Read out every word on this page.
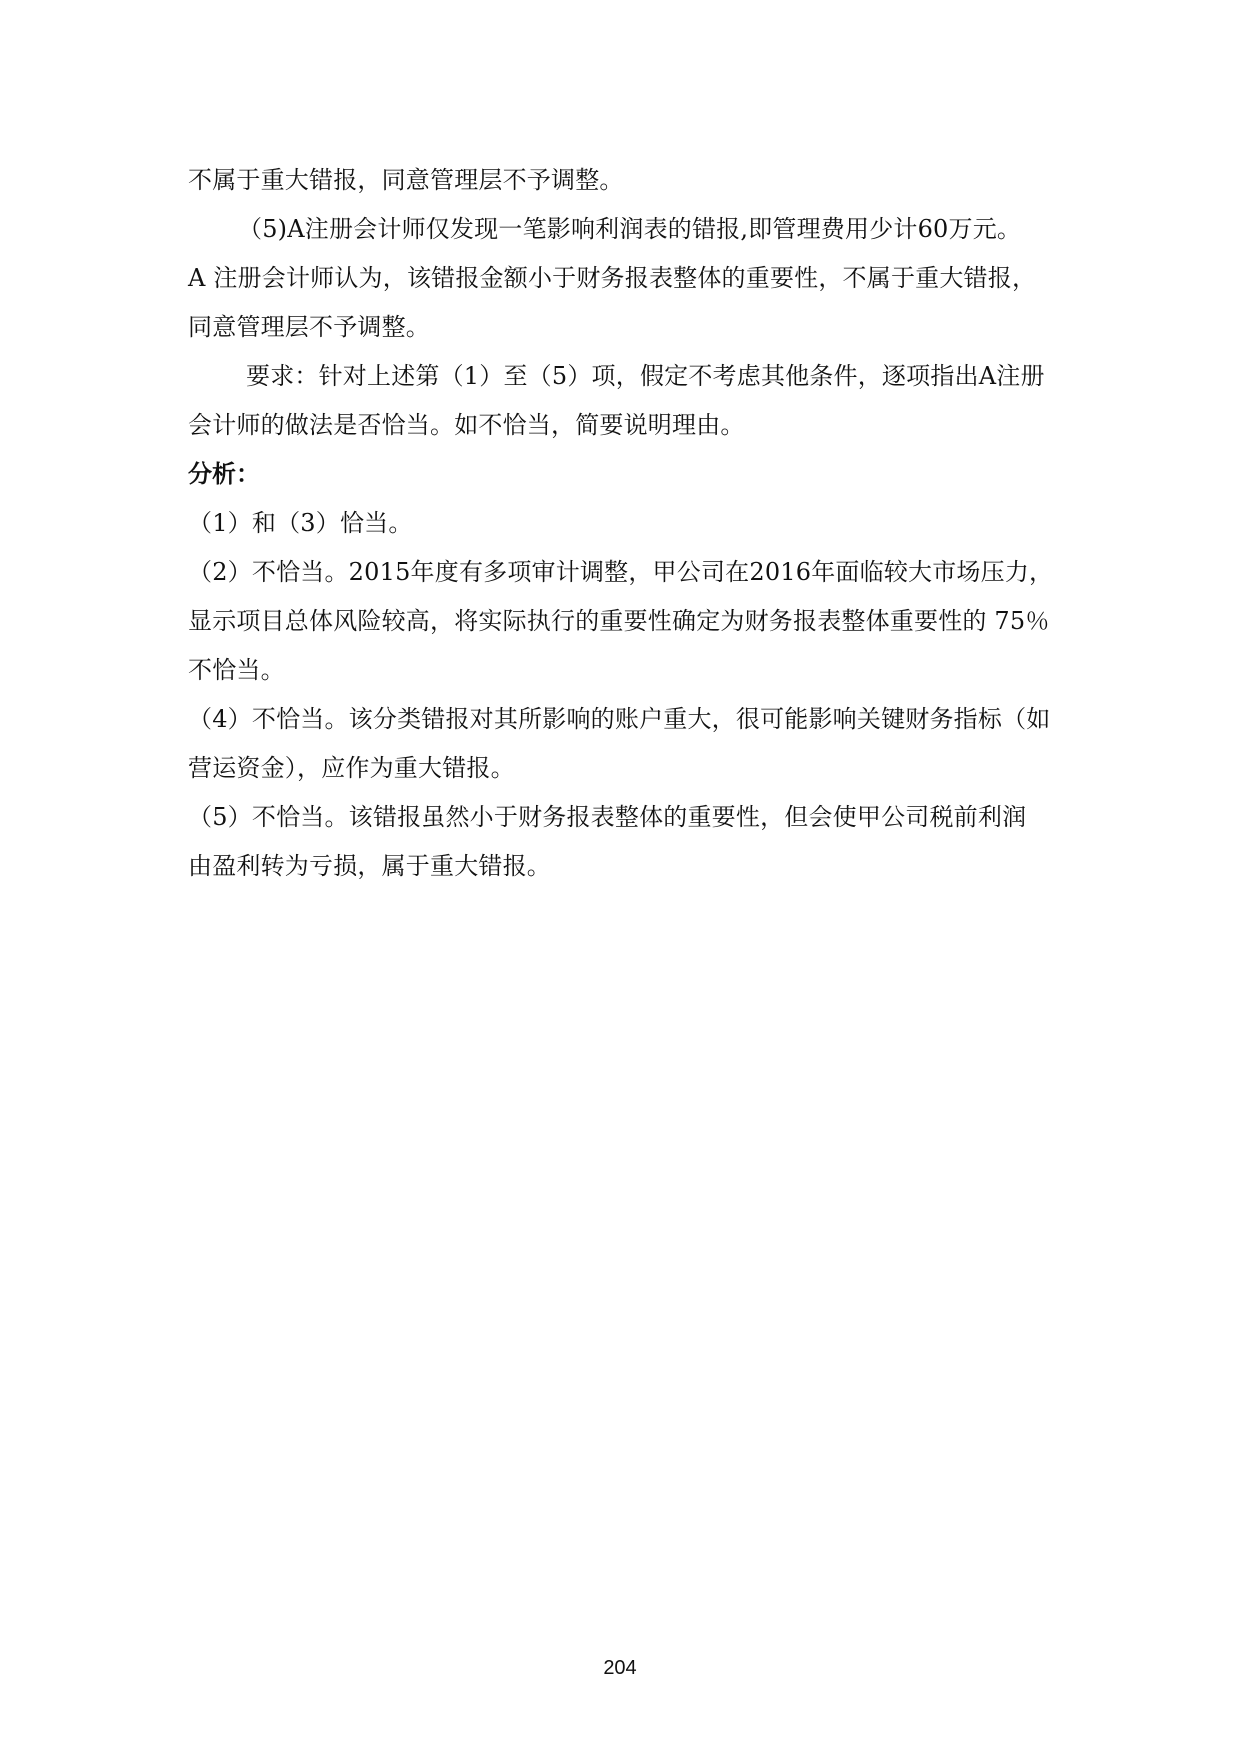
不属于重大错报，同意管理层不予调整。

（5)A注册会计师仅发现一笔影响利润表的错报,即管理费用少计60万元。

A 注册会计师认为，该错报金额小于财务报表整体的重要性，不属于重大错报，

同意管理层不予调整。

要求：针对上述第（1）至（5）项，假定不考虑其他条件，逐项指出A注册

会计师的做法是否恰当。如不恰当，简要说明理由。

分析：

（1）和（3）恰当。

（2）不恰当。2015年度有多项审计调整，甲公司在2016年面临较大市场压力，

显示项目总体风险较高，将实际执行的重要性确定为财务报表整体重要性的 75％

不恰当。

（4）不恰当。该分类错报对其所影响的账户重大，很可能影响关键财务指标（如

营运资金），应作为重大错报。

（5）不恰当。该错报虽然小于财务报表整体的重要性，但会使甲公司税前利润

由盈利转为亏损，属于重大错报。

204
